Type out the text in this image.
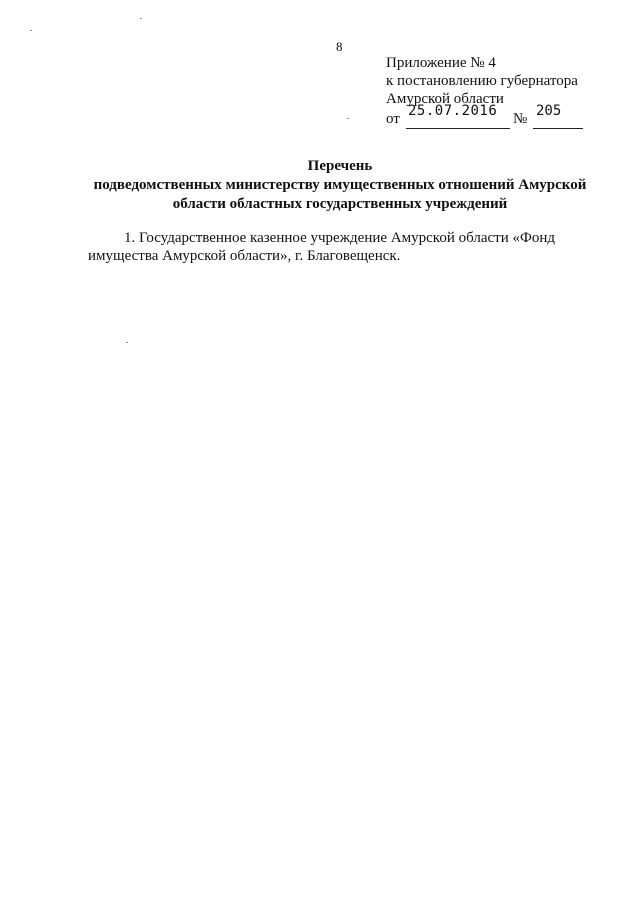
8
Приложение № 4
к постановлению губернатора
Амурской области
от 25.07.2016 № 205
Перечень
подведомственных министерству имущественных отношений Амурской
области областных государственных учреждений
1. Государственное казенное учреждение Амурской области «Фонд
имущества Амурской области», г. Благовещенск.
